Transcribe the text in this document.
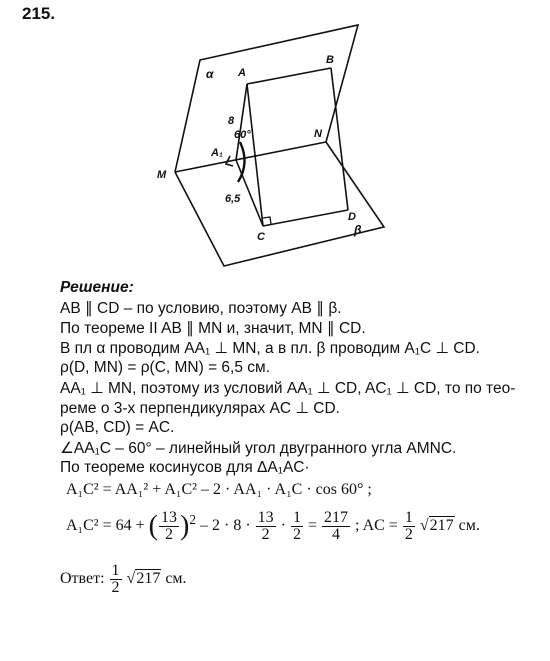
215.
α A
B
N
M
8
60°
A₁
6,5
C
D
β
Решение:
AB ∥ CD – по условию, поэтому AB ∥ β.
По теореме II AB ∥ MN и, значит, MN ∥ CD.
В пл α проводим AA₁ ⊥ MN, а в пл. β проводим A₁C ⊥ CD.
ρ(D, MN) = ρ(C, MN) = 6,5 см.
AA₁ ⊥ MN, поэтому из условий AA₁ ⊥ CD, AC₁ ⊥ CD, то по тео-
реме о 3-х перпендикулярах AC ⊥ CD.
ρ(AB, CD) = AC.
∠AA₁C – 60° – линейный угол двугранного угла AMNC.
По теореме косинусов для ΔA₁AC·
A₁C² = AA₁² + A₁C² – 2 · AA₁ · A₁C · cos 60° ;
A₁C² = 64 + ( $\frac{13}{2} )^2 - 2 \cdot 8 \cdot \frac{13}{2} \cdot \frac{1}{2} = \frac{217}{4}$ ; AC = $\frac{1}{2} √217$ см.
Ответ: $\frac{1}{2} √217$ см.
